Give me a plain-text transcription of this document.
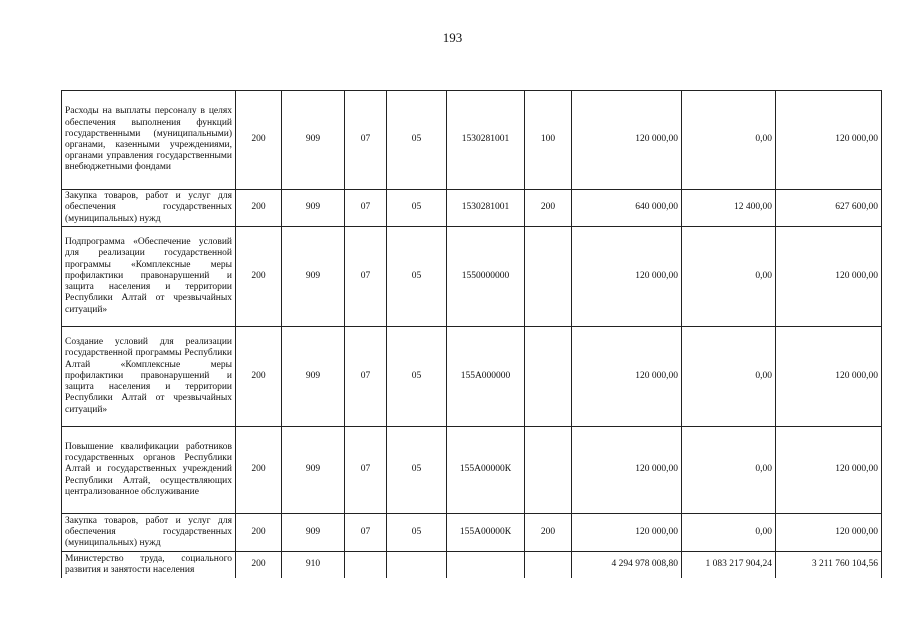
193
Расходы на выплаты персоналу в целях обеспечения выполнения функций государственными (муниципальными) органами, казенными учреждениями, органами управления государственными внебюджетными фондами	200	909	07	05	1530281001	100	120 000,00	0,00	120 000,00
Закупка товаров, работ и услуг для обеспечения государственных (муниципальных) нужд	200	909	07	05	1530281001	200	640 000,00	12 400,00	627 600,00
Подпрограмма «Обеспечение условий для реализации государственной программы «Комплексные меры профилактики правонарушений и защита населения и территории Республики Алтай от чрезвычайных ситуаций»	200	909	07	05	1550000000		120 000,00	0,00	120 000,00
Создание условий для реализации государственной программы Республики Алтай «Комплексные меры профилактики правонарушений и защита населения и территории Республики Алтай от чрезвычайных ситуаций»	200	909	07	05	155А000000		120 000,00	0,00	120 000,00
Повышение квалификации работников государственных органов Республики Алтай и государственных учреждений Республики Алтай, осуществляющих централизованное обслуживание	200	909	07	05	155А00000К		120 000,00	0,00	120 000,00
Закупка товаров, работ и услуг для обеспечения государственных (муниципальных) нужд	200	909	07	05	155А00000К	200	120 000,00	0,00	120 000,00
Министерство труда, социального развития и занятости населения	200	910					4 294 978 008,80	1 083 217 904,24	3 211 760 104,56
